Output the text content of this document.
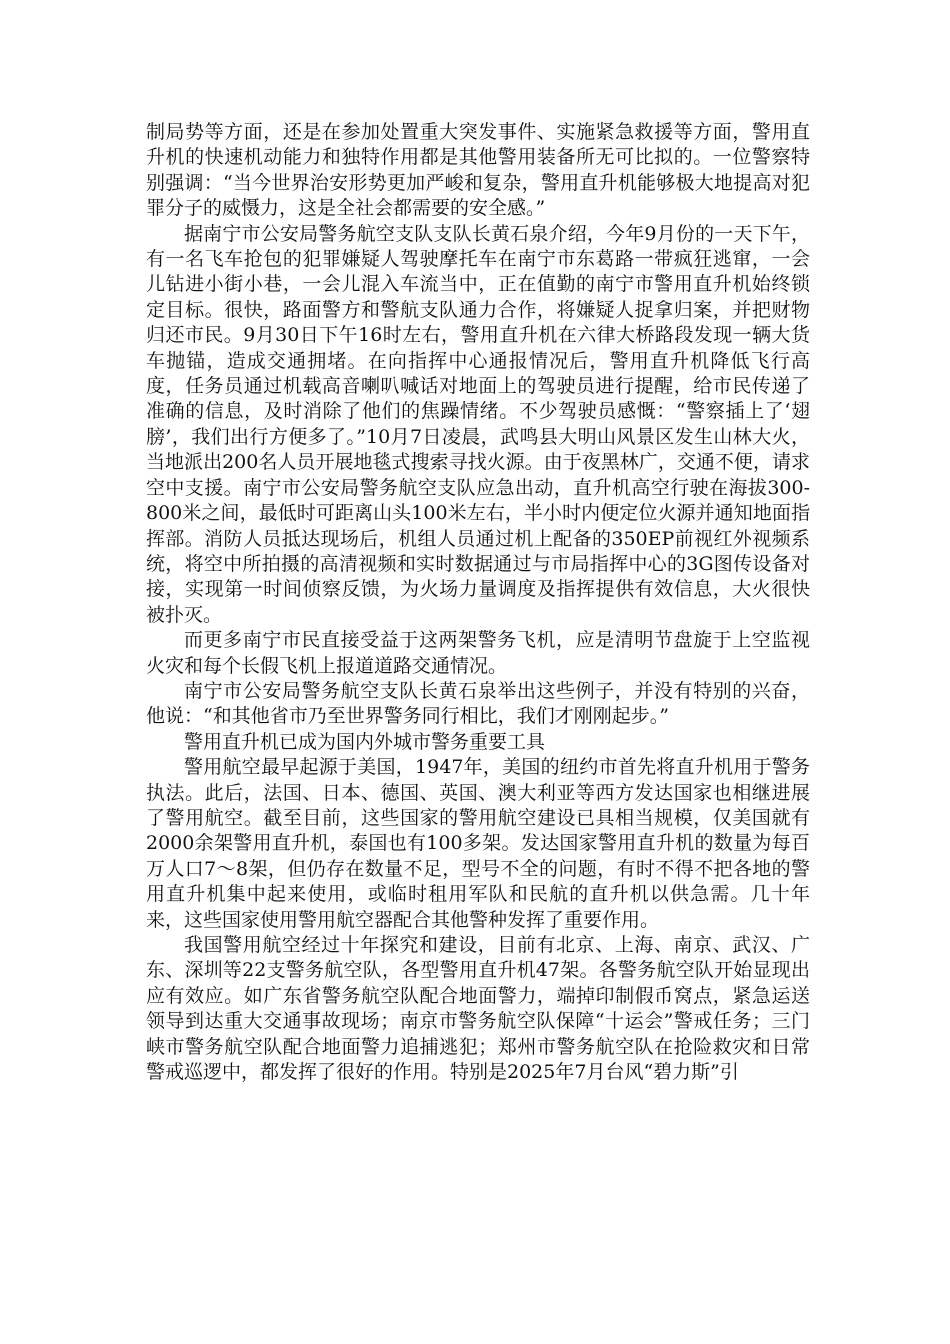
制局势等方面，还是在参加处置重大突发事件、实施紧急救援等方面，警用直升机的快速机动能力和独特作用都是其他警用装备所无可比拟的。一位警察特别强调：“当今世界治安形势更加严峻和复杂，警用直升机能够极大地提高对犯罪分子的威慑力，这是全社会都需要的安全感。”

据南宁市公安局警务航空支队支队长黄石泉介绍，今年9月份的一天下午，有一名飞车抢包的犯罪嫌疑人驾驶摩托车在南宁市东葛路一带疯狂逃窜，一会儿钻进小街小巷，一会儿混入车流当中，正在值勤的南宁市警用直升机始终锁定目标。很快，路面警方和警航支队通力合作，将嫌疑人捉拿归案，并把财物归还市民。9月30日下午16时左右，警用直升机在六律大桥路段发现一辆大货车抛锚，造成交通拥堵。在向指挥中心通报情况后，警用直升机降低飞行高度，任务员通过机载高音喇叭喊话对地面上的驾驶员进行提醒，给市民传递了准确的信息，及时消除了他们的焦躁情绪。不少驾驶员感慨：“警察插上了‘翅膀’，我们出行方便多了。”10月7日凌晨，武鸣县大明山风景区发生山林大火，当地派出200名人员开展地毯式搜索寻找火源。由于夜黑林广，交通不便，请求空中支援。南宁市公安局警务航空支队应急出动，直升机高空行驶在海拔300-800米之间，最低时可距离山头100米左右，半小时内便定位火源并通知地面指挥部。消防人员抵达现场后，机组人员通过机上配备的350EP前视红外视频系统，将空中所拍摄的高清视频和实时数据通过与市局指挥中心的3G图传设备对接，实现第一时间侦察反馈，为火场力量调度及指挥提供有效信息，大火很快被扑灭。

而更多南宁市民直接受益于这两架警务飞机，应是清明节盘旋于上空监视火灾和每个长假飞机上报道道路交通情况。

南宁市公安局警务航空支队长黄石泉举出这些例子，并没有特别的兴奋，他说：“和其他省市乃至世界警务同行相比，我们才刚刚起步。”

警用直升机已成为国内外城市警务重要工具

警用航空最早起源于美国，1947年，美国的纽约市首先将直升机用于警务执法。此后，法国、日本、德国、英国、澳大利亚等西方发达国家也相继进展了警用航空。截至目前，这些国家的警用航空建设已具相当规模，仅美国就有2000余架警用直升机，泰国也有100多架。发达国家警用直升机的数量为每百万人口7～8架，但仍存在数量不足，型号不全的问题，有时不得不把各地的警用直升机集中起来使用，或临时租用军队和民航的直升机以供急需。几十年来，这些国家使用警用航空器配合其他警种发挥了重要作用。

我国警用航空经过十年探究和建设，目前有北京、上海、南京、武汉、广东、深圳等22支警务航空队，各型警用直升机47架。各警务航空队开始显现出应有效应。如广东省警务航空队配合地面警力，端掉印制假币窝点，紧急运送领导到达重大交通事故现场；南京市警务航空队保障“十运会”警戒任务；三门峡市警务航空队配合地面警力追捕逃犯；郑州市警务航空队在抢险救灾和日常警戒巡逻中，都发挥了很好的作用。特别是2025年7月台风“碧力斯”引
